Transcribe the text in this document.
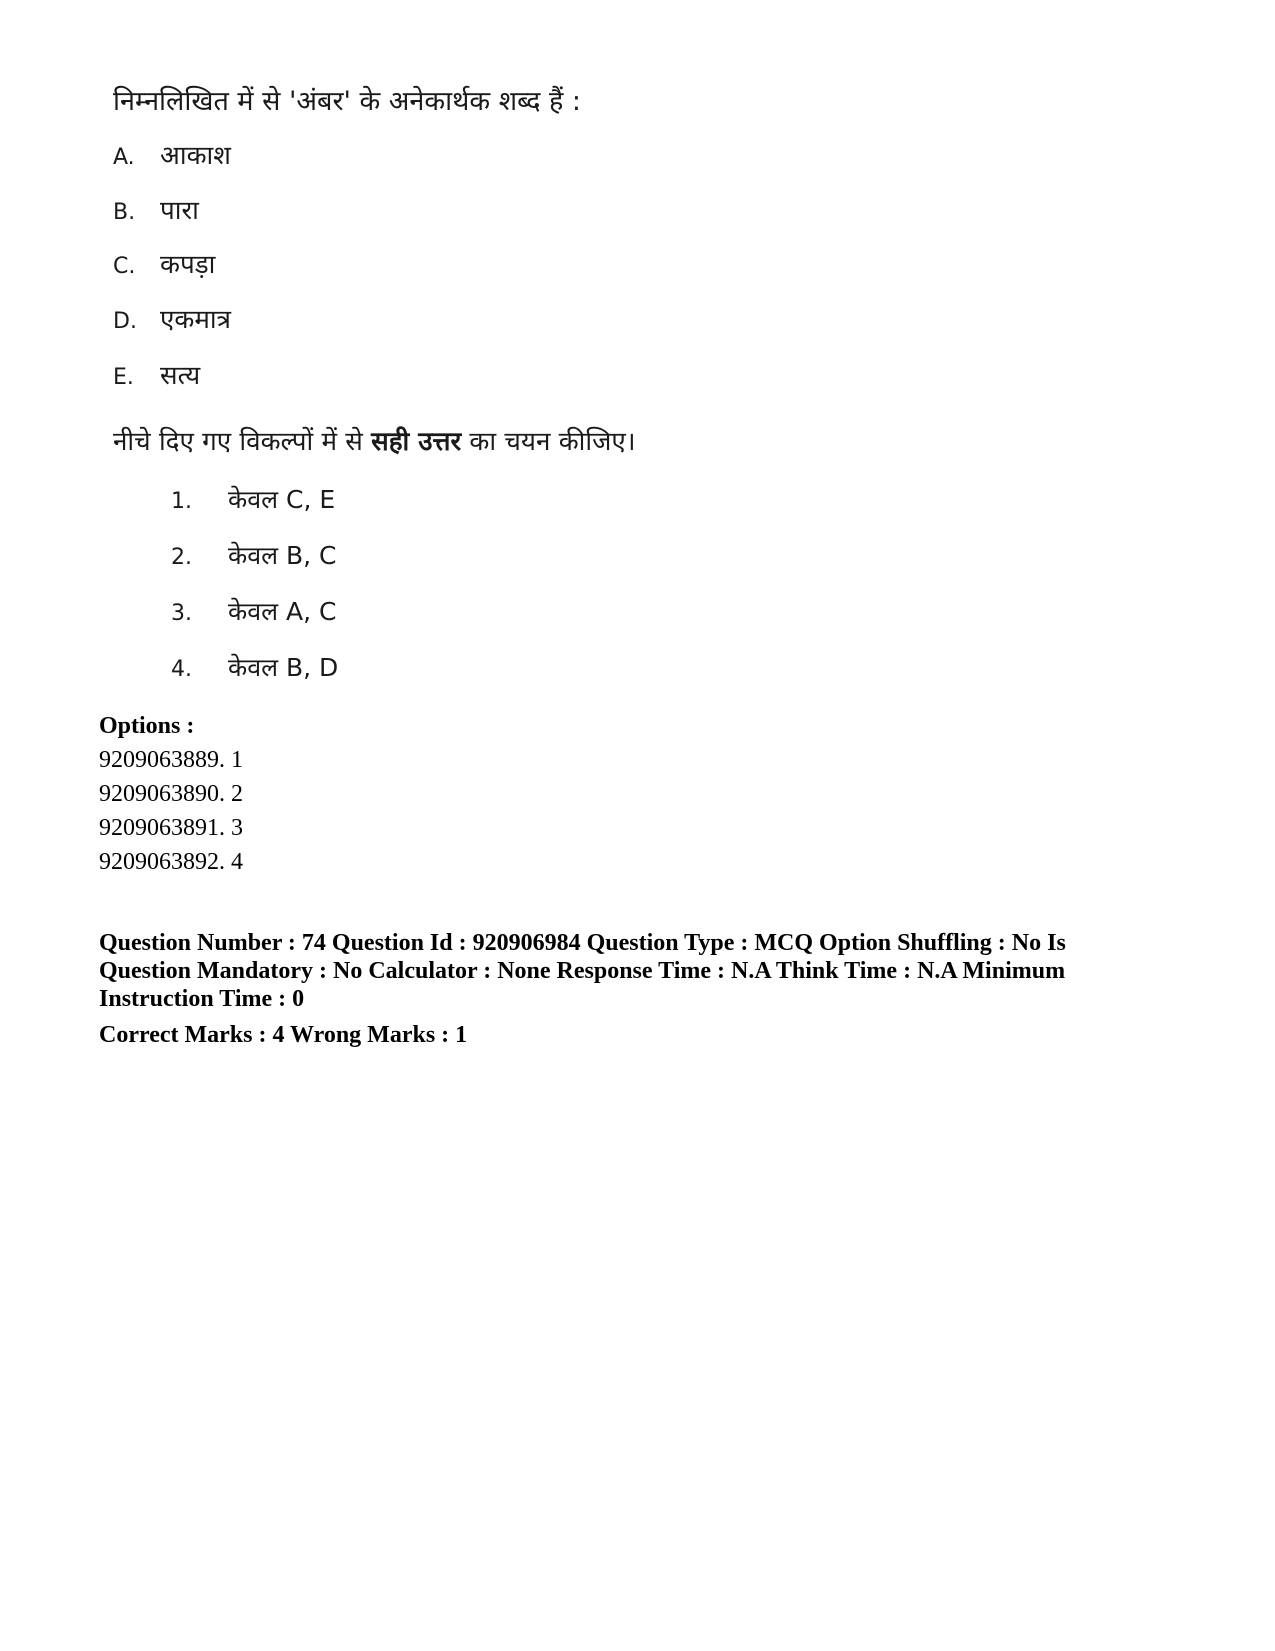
निम्नलिखित में से 'अंबर' के अनेकार्थक शब्द हैं :
A. आकाश
B. पारा
C. कपड़ा
D. एकमात्र
E. सत्य
नीचे दिए गए विकल्पों में से सही उत्तर का चयन कीजिए।
1. केवल C, E
2. केवल B, C
3. केवल A, C
4. केवल B, D
Options :
9209063889. 1
9209063890. 2
9209063891. 3
9209063892. 4
Question Number : 74 Question Id : 920906984 Question Type : MCQ Option Shuffling : No Is Question Mandatory : No Calculator : None Response Time : N.A Think Time : N.A Minimum Instruction Time : 0
Correct Marks : 4 Wrong Marks : 1
